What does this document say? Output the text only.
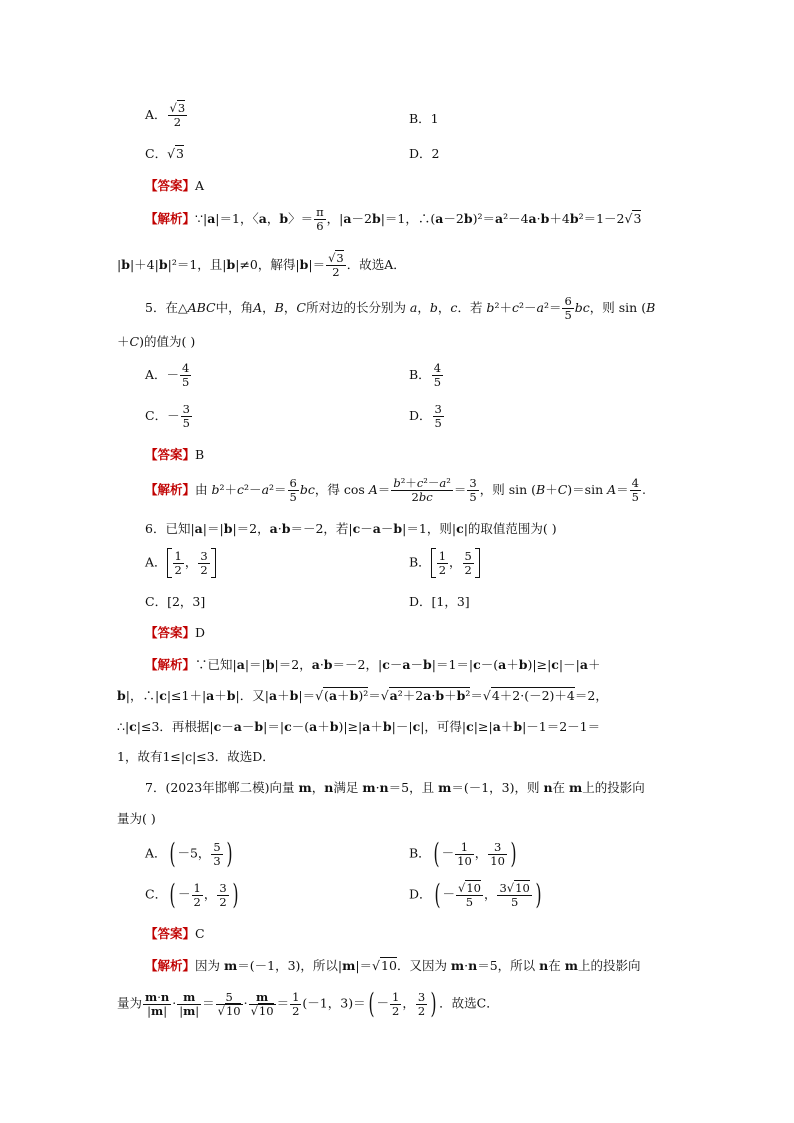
A． $\frac{√3}{2}$	B．1
C．√3	D．2
【答案】A
【解析】∵|a|＝1，〈a，b〉＝ $\frac{\pi}{6}$ ，|a－2b|＝1，∴(a－2b)²＝a²－4a·b＋4b²＝1－2√3
|b|＋4|b|²＝1，且|b|≠0，解得$|b|= \frac{√3}{2}$ ．故选A．
5．在△ABC中，角A，B，C所对边的长分别为 a，b，c．若 $b^2+c^2-a^2= \frac{6}{5}$ bc，则 sin (B
＋C)的值为( )
A．－ $\frac{4}{5}$	B． $\frac{4}{5}$
C．－ $\frac{3}{5}$	D． $\frac{3}{5}$
【答案】B
【解析】由 $b^2+c^2-a^2= \frac{6}{5}$ bc，得 $\cos A= \frac{\text{b²＋c²－a²}}{2bc} = \frac{3}{5}$ ，则 sin (B＋C)＝sin $A= \frac{4}{5}$ .
6．已知|a|＝|b|＝2，a·b＝－2，若|c－a－b|＝1，则|c|的取值范围为( )
A． $\frac{1}{2}$ ， $\frac{3}{2}$	B． $\frac{1}{2}$ ， $\frac{5}{2}$
C．[2，3]	D．[1，3]
【答案】D
【解析】∵已知|a|＝|b|＝2，a·b＝－2，|c－a－b|＝1＝|c－(a＋b)|≥|c|－|a＋
b|，∴|c|≤1＋|a＋b|．又|a＋b|＝√(a＋b)²＝√a²＋2a·b＋b²＝√4＋2·(－2)＋4＝2，
∴|c|≤3．再根据|c－a－b|＝|c－(a＋b)|≥|a＋b|－|c|，可得|c|≥|a＋b|－1＝2－1＝
1，故有1≤|c|≤3．故选D．
7．(2023年邯郸二模)向量 m，n满足 m·n＝5，且 m＝(－1，3)，则 n在 m上的投影向
量为( )
A．( －5， $\frac{5}{3}$ )	B．( － $\frac{1}{10}$ ， $\frac{3}{10}$ )
C．( － $\frac{1}{2}$ ， $\frac{3}{2}$ )	D．( － $\frac{√10}{5}$ ， $\frac{3√10}{5}$ )
【答案】C
【解析】因为 m＝(－1，3)，所以|m|＝√10．又因为 m·n＝5，所以 n在 m上的投影向
量为 $\frac{m\cdot n}{|m|} \cdot \frac{m}{|m|} = \frac{5}{√10} \cdot \frac{m}{√10} = \frac{1}{2} (-1$，$3)=( - \frac{1}{2}$ ， $\frac{3}{2}$ ) ．故选C．
